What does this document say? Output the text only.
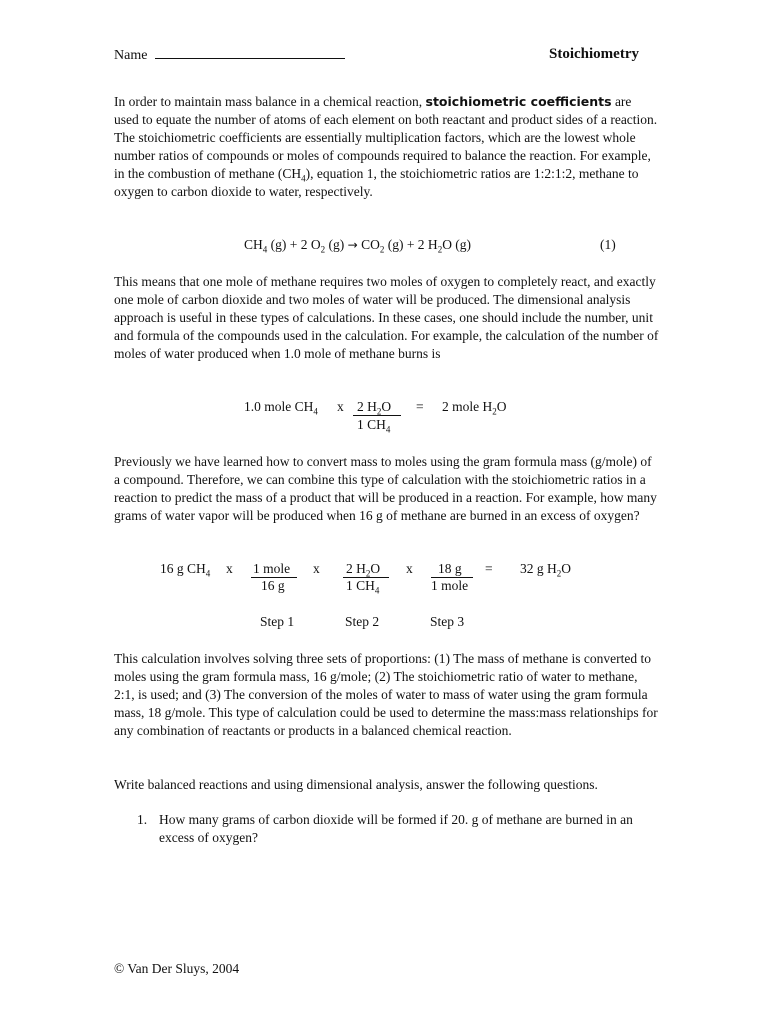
Name	Stoichiometry
In order to maintain mass balance in a chemical reaction, stoichiometric coefficients are used to equate the number of atoms of each element on both reactant and product sides of a reaction. The stoichiometric coefficients are essentially multiplication factors, which are the lowest whole number ratios of compounds or moles of compounds required to balance the reaction. For example, in the combustion of methane $(CH_4)$, equation 1, the stoichiometric ratios are 1:2:1:2, methane to oxygen to carbon dioxide to water, respectively.
$CH_4$ (g) + 2 $O_2$ $(g) \to CO_2$ (g) + 2 $H_2O$ (g)	(1)
This means that one mole of methane requires two moles of oxygen to completely react, and exactly one mole of carbon dioxide and two moles of water will be produced. The dimensional analysis approach is useful in these types of calculations. In these cases, one should include the number, unit and formula of the compounds used in the calculation. For example, the calculation of the number of moles of water produced when 1.0 mole of methane burns is
1.0 mole $CH_4$ x 2 $H_2O$
1 $CH_4$
= 2 mole $H_2O$
Previously we have learned how to convert mass to moles using the gram formula mass (g/mole) of a compound. Therefore, we can combine this type of calculation with the stoichiometric ratios in a reaction to predict the mass of a product that will be produced in a reaction. For example, how many grams of water vapor will be produced when 16 g of methane are burned in an excess of oxygen?
16 g $CH_4$ x 1 mole
16 g
x 2 $H_2O$
1 $CH_4$
x 18 g
1 mole
= 32 g $H_2O$
Step 1	Step 2	Step 3
This calculation involves solving three sets of proportions: (1) The mass of methane is converted to moles using the gram formula mass, 16 g/mole; (2) The stoichiometric ratio of water to methane, 2:1, is used; and (3) The conversion of the moles of water to mass of water using the gram formula mass, 18 g/mole. This type of calculation could be used to determine the mass:mass relationships for any combination of reactants or products in a balanced chemical reaction.
Write balanced reactions and using dimensional analysis, answer the following questions.
1. How many grams of carbon dioxide will be formed if 20. g of methane are burned in an excess of oxygen?
© Van Der Sluys, 2004
